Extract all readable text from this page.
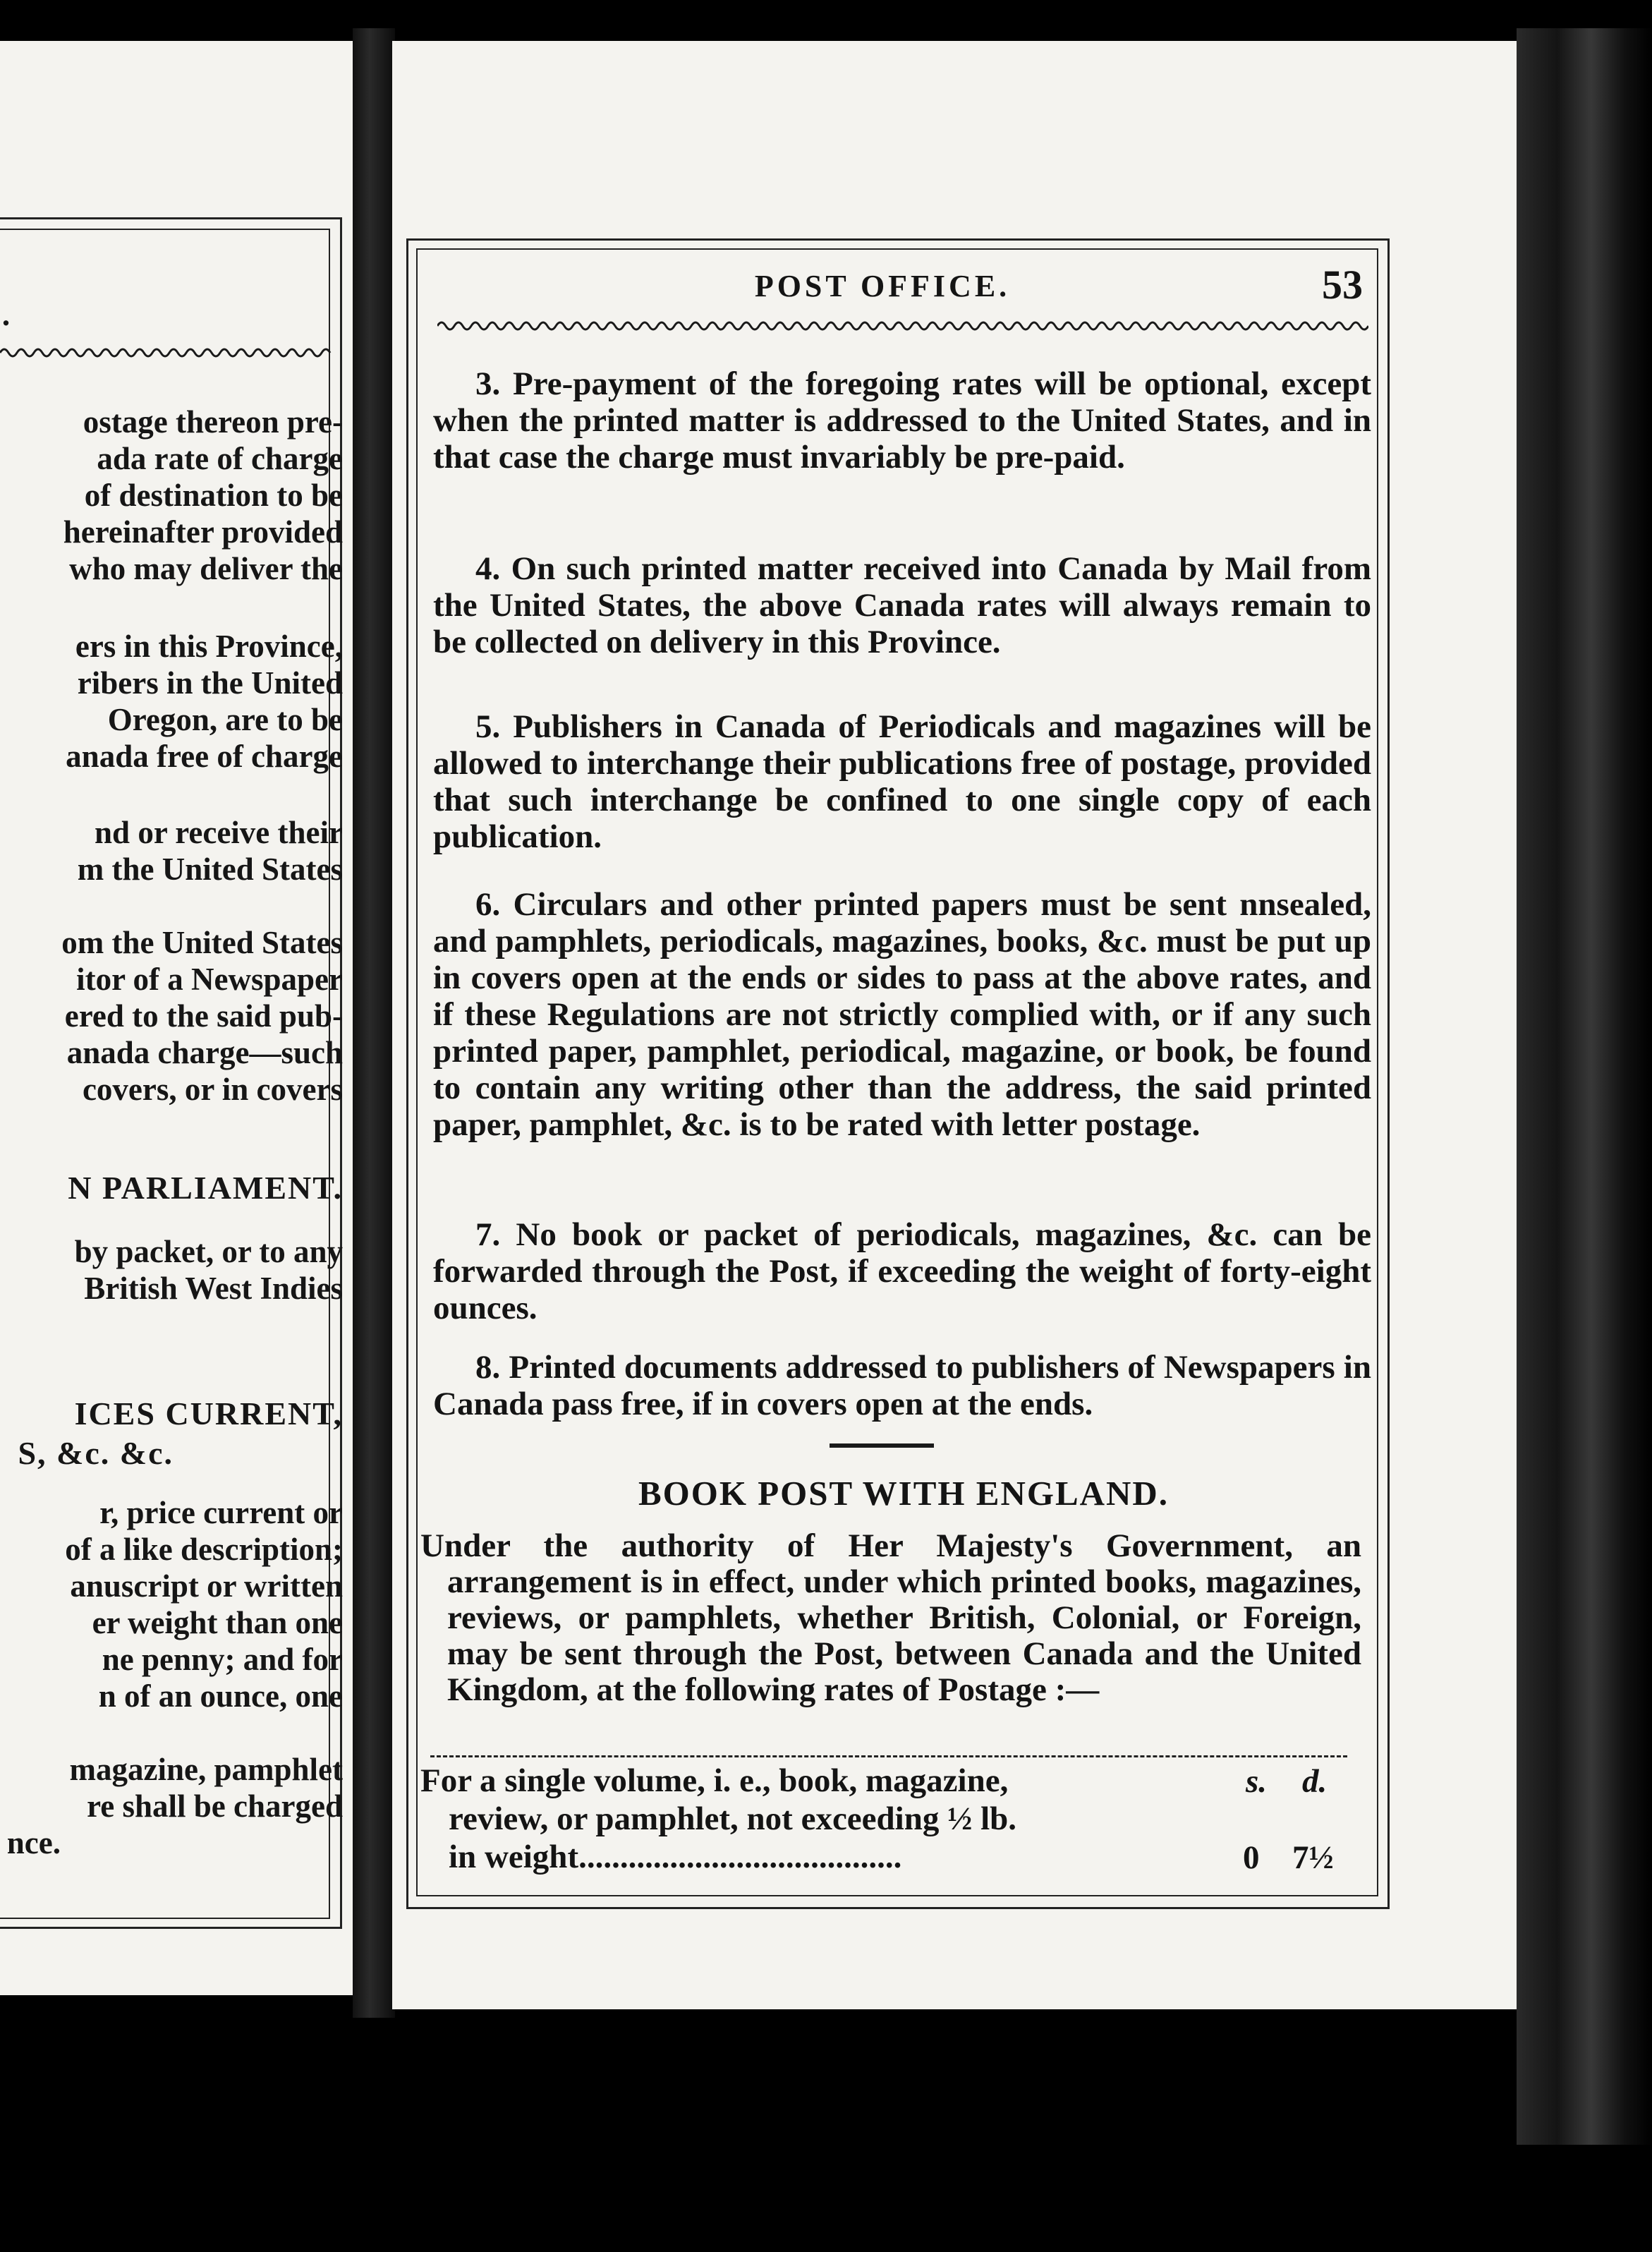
·
ostage thereon pre-
ada rate of charge
of destination to be
hereinafter provided
who may deliver the
ers in this Province,
ribers in the United
Oregon, are to be
anada free of charge
nd or receive their
m the United States
om the United States
itor of a Newspaper
ered to the said pub-
anada charge—such
covers, or in covers
N PARLIAMENT.
by packet, or to any
British West Indies
ICES CURRENT,
S, &c. &c.
r, price current or
of a like description;
anuscript or written
er weight than one
ne penny; and for
n of an ounce, one
magazine, pamphlet
re shall be charged
nce.
POST OFFICE.	53

3. Pre-payment of the foregoing rates will be optional, except when the printed matter is addressed to the United States, and in that case the charge must invariably be pre-paid.

4. On such printed matter received into Canada by Mail from the United States, the above Canada rates will always remain to be collected on delivery in this Province.

5. Publishers in Canada of Periodicals and magazines will be allowed to interchange their publications free of postage, provided that such interchange be confined to one single copy of each publication.

6. Circulars and other printed papers must be sent nnsealed, and pamphlets, periodicals, magazines, books, &c. must be put up in covers open at the ends or sides to pass at the above rates, and if these Regulations are not strictly complied with, or if any such printed paper, pamphlet, periodical, magazine, or book, be found to contain any writing other than the address, the said printed paper, pamphlet, &c. is to be rated with letter postage.

7. No book or packet of periodicals, magazines, &c. can be forwarded through the Post, if exceeding the weight of forty-eight ounces.

8. Printed documents addressed to publishers of Newspapers in Canada pass free, if in covers open at the ends.

BOOK POST WITH ENGLAND.
Under the authority of Her Majesty's Government, an arrangement is in effect, under which printed books, magazines, reviews, or pamphlets, whether British, Colonial, or Foreign, may be sent through the Post, between Canada and the United Kingdom, at the following rates of Postage :—
For a single volume, i. e., book, magazine,	s. d.
review, or pamphlet, not exceeding ½ lb.
in weight.......................................	0 7½
